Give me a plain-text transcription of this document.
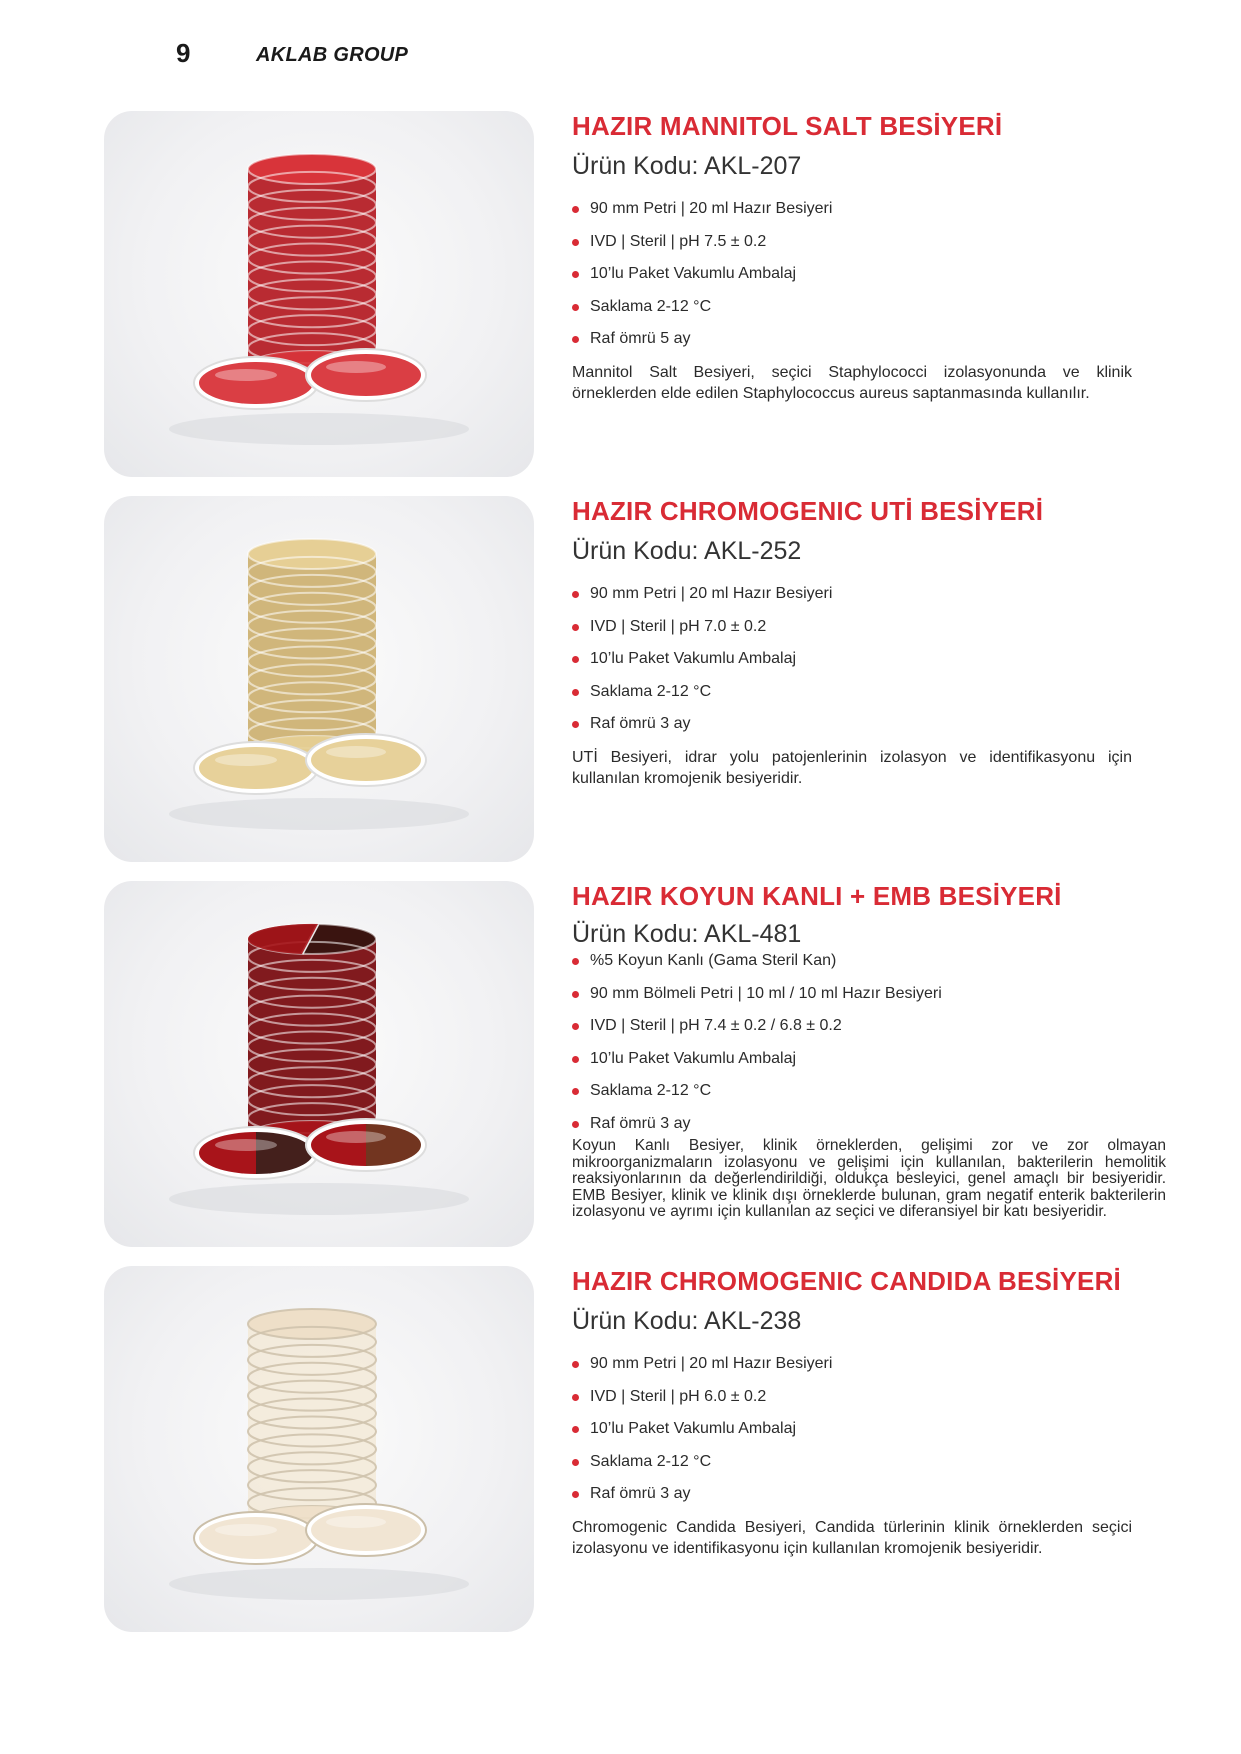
9	AKLAB GROUP
HAZIR MANNITOL SALT BESİYERİ
Ürün Kodu: AKL-207
90 mm Petri | 20 ml Hazır Besiyeri
IVD | Steril | pH 7.5 ± 0.2
10’lu Paket Vakumlu Ambalaj
Saklama 2-12 °C
Raf ömrü 5 ay

Mannitol Salt Besiyeri, seçici Staphylococci izolasyonunda ve klinik örneklerden elde edilen Staphylococcus aureus saptanmasında kullanılır.

HAZIR CHROMOGENIC UTİ BESİYERİ
Ürün Kodu: AKL-252
90 mm Petri | 20 ml Hazır Besiyeri
IVD | Steril | pH 7.0 ± 0.2
10’lu Paket Vakumlu Ambalaj
Saklama 2-12 °C
Raf ömrü 3 ay

UTİ Besiyeri, idrar yolu patojenlerinin izolasyon ve identifikasyonu için kullanılan kromojenik besiyeridir.

HAZIR KOYUN KANLI + EMB BESİYERİ
Ürün Kodu: AKL-481
%5 Koyun Kanlı (Gama Steril Kan)
90 mm Bölmeli Petri | 10 ml / 10 ml Hazır Besiyeri
IVD | Steril | pH 7.4 ± 0.2 / 6.8 ± 0.2
10’lu Paket Vakumlu Ambalaj
Saklama 2-12 °C
Raf ömrü 3 ay

Koyun Kanlı Besiyer, klinik örneklerden, gelişimi zor ve zor olmayan mikroorganizmaların izolasyonu ve gelişimi için kullanılan, bakterilerin hemolitik reaksiyonlarının da değerlendirildiği, oldukça besleyici, genel amaçlı bir besiyeridir. EMB Besiyer, klinik ve klinik dışı örneklerde bulunan, gram negatif enterik bakterilerin izolasyonu ve ayrımı için kullanılan az seçici ve diferansiyel bir katı besiyeridir.

HAZIR CHROMOGENIC CANDIDA BESİYERİ
Ürün Kodu: AKL-238
90 mm Petri | 20 ml Hazır Besiyeri
IVD | Steril | pH 6.0 ± 0.2
10’lu Paket Vakumlu Ambalaj
Saklama 2-12 °C
Raf ömrü 3 ay

Chromogenic Candida Besiyeri, Candida türlerinin klinik örneklerden seçici izolasyonu ve identifikasyonu için kullanılan kromojenik besiyeridir.
